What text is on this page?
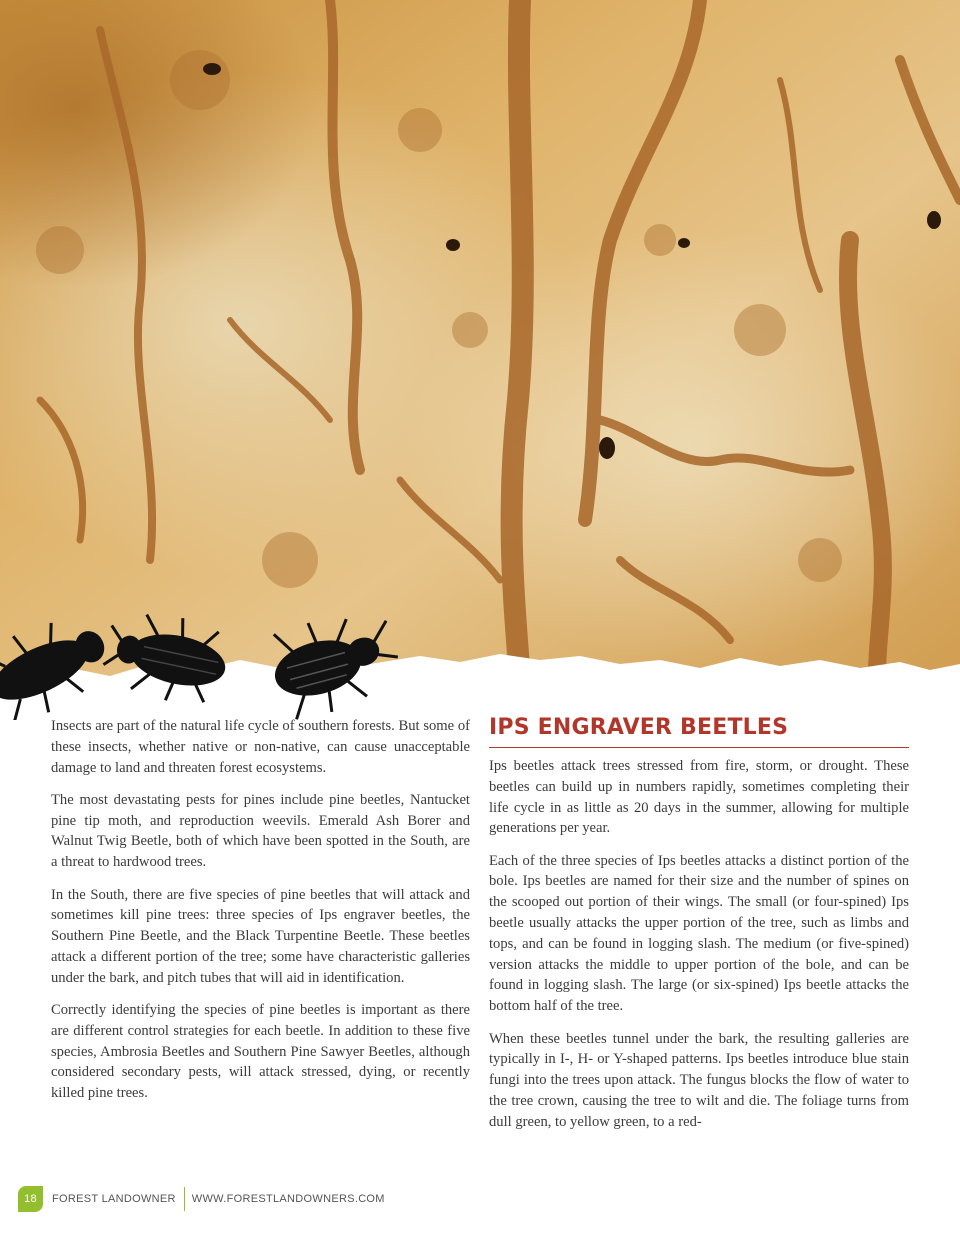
Insects are part of the natural life cycle of southern forests. But some of these insects, whether native or non-native, can cause unacceptable damage to land and threaten forest ecosystems.

The most devastating pests for pines include pine beetles, Nantucket pine tip moth, and reproduction weevils. Emerald Ash Borer and Walnut Twig Beetle, both of which have been spotted in the South, are a threat to hardwood trees.

In the South, there are five species of pine beetles that will attack and sometimes kill pine trees: three species of Ips engraver beetles, the Southern Pine Beetle, and the Black Turpentine Beetle. These beetles attack a different portion of the tree; some have characteristic galleries under the bark, and pitch tubes that will aid in identification.

Correctly identifying the species of pine beetles is important as there are different control strategies for each beetle. In addition to these five species, Ambrosia Beetles and Southern Pine Sawyer Beetles, although considered secondary pests, will attack stressed, dying, or recently killed pine trees.

IPS ENGRAVER BEETLES

Ips beetles attack trees stressed from fire, storm, or drought. These beetles can build up in numbers rapidly, sometimes completing their life cycle in as little as 20 days in the summer, allowing for multiple generations per year.

Each of the three species of Ips beetles attacks a distinct portion of the bole. Ips beetles are named for their size and the number of spines on the scooped out portion of their wings. The small (or four-spined) Ips beetle usually attacks the upper portion of the tree, such as limbs and tops, and can be found in logging slash. The medium (or five-spined) version attacks the middle to upper portion of the bole, and can be found in logging slash. The large (or six-spined) Ips beetle attacks the bottom half of the tree.

When these beetles tunnel under the bark, the resulting galleries are typically in I-, H- or Y-shaped patterns. Ips beetles introduce blue stain fungi into the trees upon attack. The fungus blocks the flow of water to the tree crown, causing the tree to wilt and die. The foliage turns from dull green, to yellow green, to a red-

18	FOREST LANDOWNER WWW.FORESTLANDOWNERS.COM
